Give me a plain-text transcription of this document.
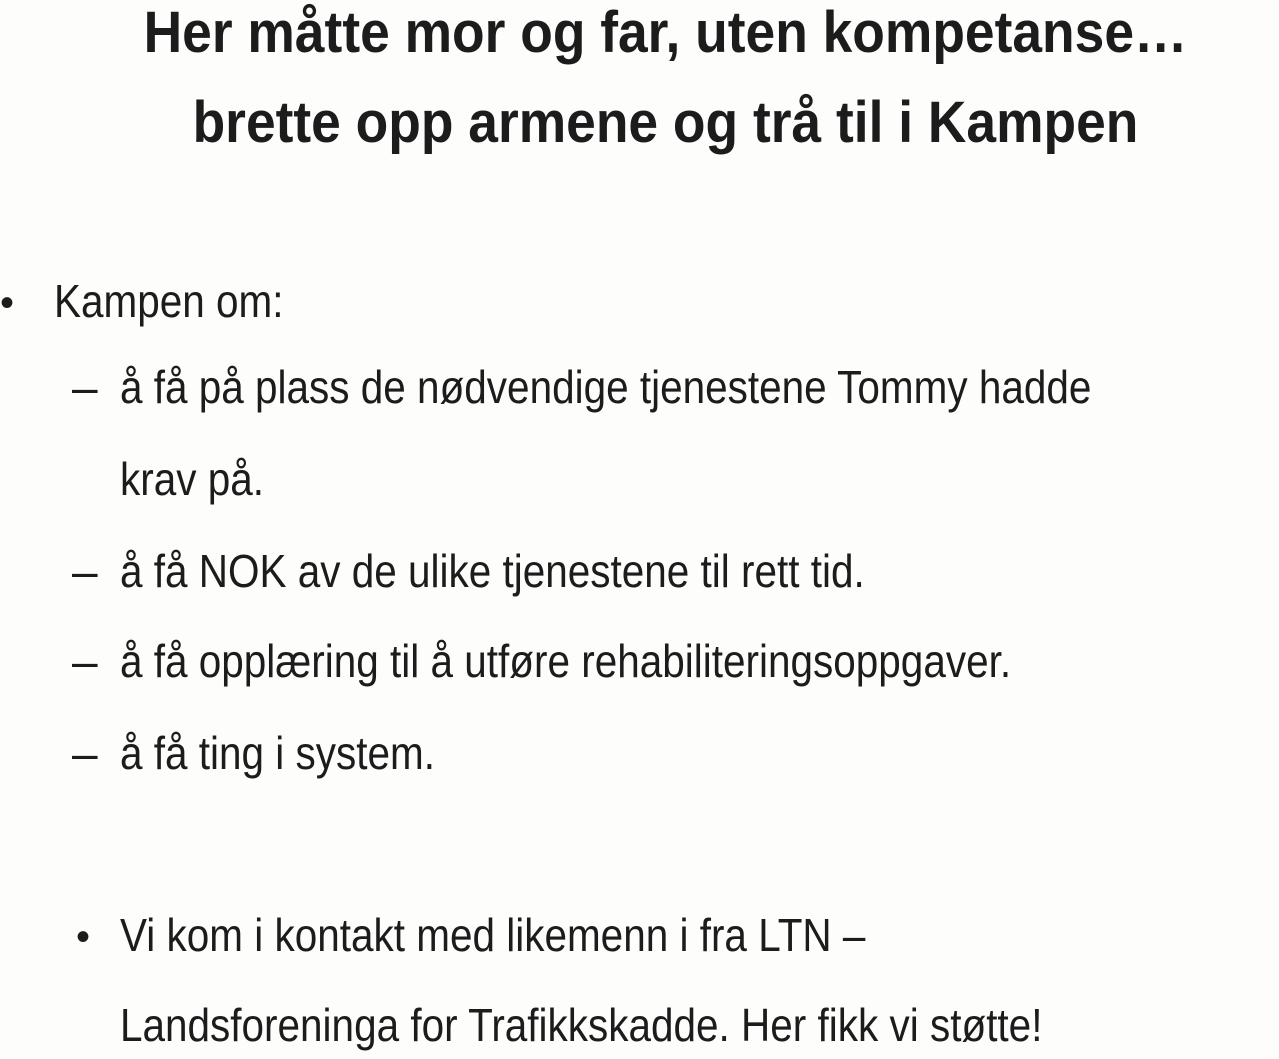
Her måtte mor og far, uten kompetanse…
brette opp armene og trå til i Kampen
• Kampen om:
– å få på plass de nødvendige tjenestene Tommy hadde
krav på.
– å få NOK av de ulike tjenestene til rett tid.
– å få opplæring til å utføre rehabiliteringsoppgaver.
– å få ting i system.
• Vi kom i kontakt med likemenn i fra LTN –
Landsforeninga for Trafikkskadde. Her fikk vi støtte!
